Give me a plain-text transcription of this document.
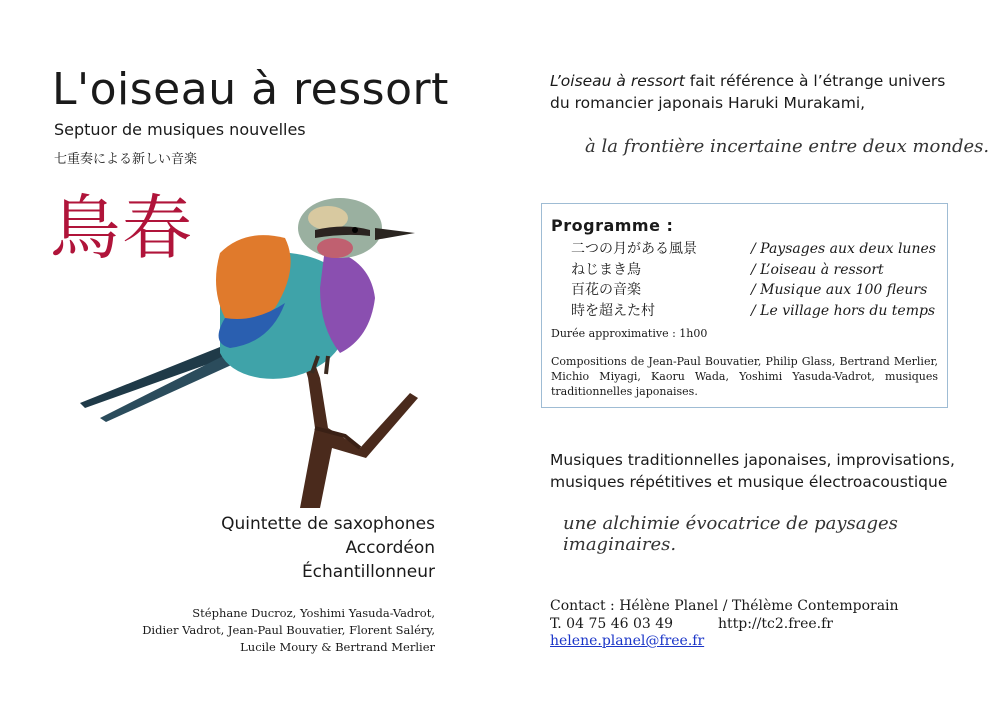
L'oiseau à ressort
Septuor de musiques nouvelles
七重奏による新しい音楽
鳥春
Quintette de saxophones
Accordéon
Échantillonneur
Stéphane Ducroz, Yoshimi Yasuda-Vadrot,
Didier Vadrot, Jean-Paul Bouvatier, Florent Saléry,
Lucile Moury & Bertrand Merlier
L’oiseau à ressort fait référence à l’étrange univers
du romancier japonais Haruki Murakami,
à la frontière incertaine entre deux mondes.
Programme :
二つの月がある風景	/ Paysages aux deux lunes
ねじまき鳥	/ L’oiseau à ressort
百花の音楽	/ Musique aux 100 fleurs
時を超えた村	/ Le village hors du temps
Durée approximative : 1h00
Compositions de Jean-Paul Bouvatier, Philip Glass, Bertrand Merlier, Michio Miyagi, Kaoru Wada, Yoshimi Yasuda-Vadrot, musiques traditionnelles japonaises.
Musiques traditionnelles japonaises, improvisations,
musiques répétitives et musique électroacoustique
une alchimie évocatrice de paysages imaginaires.
Contact : Hélène Planel / Thélème Contemporain
T. 04 75 46 03 49	http://tc2.free.fr
helene.planel@free.fr
